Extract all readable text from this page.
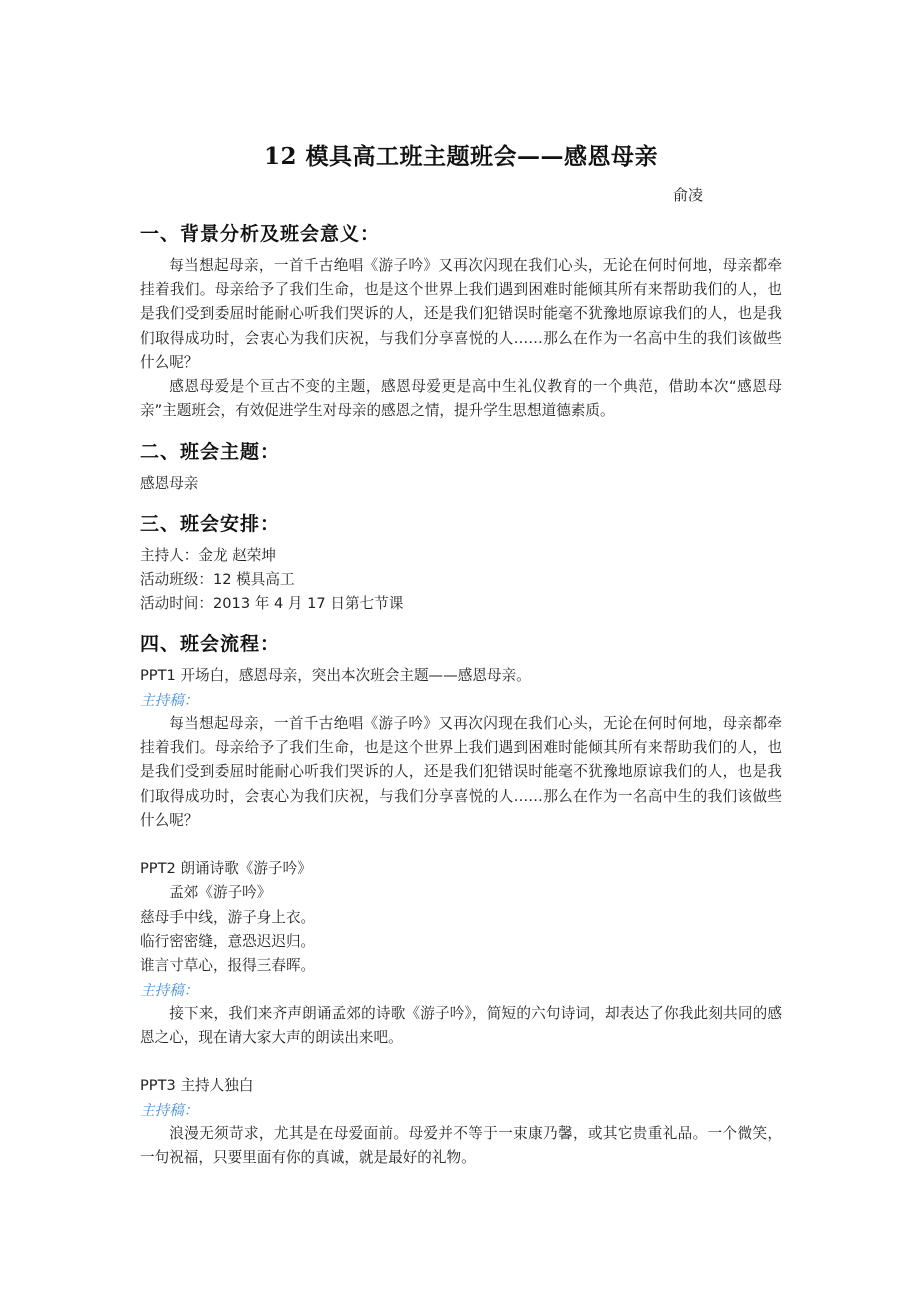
12 模具高工班主题班会——感恩母亲
俞凌
一、背景分析及班会意义：
每当想起母亲，一首千古绝唱《游子吟》又再次闪现在我们心头，无论在何时何地，母亲都牵挂着我们。母亲给予了我们生命，也是这个世界上我们遇到困难时能倾其所有来帮助我们的人，也是我们受到委屈时能耐心听我们哭诉的人，还是我们犯错误时能毫不犹豫地原谅我们的人，也是我们取得成功时，会衷心为我们庆祝，与我们分享喜悦的人……那么在作为一名高中生的我们该做些什么呢？
感恩母爱是个亘古不变的主题，感恩母爱更是高中生礼仪教育的一个典范，借助本次“感恩母亲”主题班会，有效促进学生对母亲的感恩之情，提升学生思想道德素质。
二、班会主题：
感恩母亲
三、班会安排：
主持人：金龙 赵荣坤
活动班级：12 模具高工
活动时间：2013 年 4 月 17 日第七节课
四、班会流程：
PPT1 开场白，感恩母亲，突出本次班会主题——感恩母亲。
主持稿：
每当想起母亲，一首千古绝唱《游子吟》又再次闪现在我们心头，无论在何时何地，母亲都牵挂着我们。母亲给予了我们生命，也是这个世界上我们遇到困难时能倾其所有来帮助我们的人，也是我们受到委屈时能耐心听我们哭诉的人，还是我们犯错误时能毫不犹豫地原谅我们的人，也是我们取得成功时，会衷心为我们庆祝，与我们分享喜悦的人……那么在作为一名高中生的我们该做些什么呢？
PPT2 朗诵诗歌《游子吟》
孟郊《游子吟》
慈母手中线，游子身上衣。
临行密密缝，意恐迟迟归。
谁言寸草心，报得三春晖。
主持稿：
接下来，我们来齐声朗诵孟郊的诗歌《游子吟》，简短的六句诗词，却表达了你我此刻共同的感恩之心，现在请大家大声的朗读出来吧。
PPT3 主持人独白
主持稿：
浪漫无须苛求，尤其是在母爱面前。母爱并不等于一束康乃馨，或其它贵重礼品。一个微笑，一句祝福，只要里面有你的真诚，就是最好的礼物。
